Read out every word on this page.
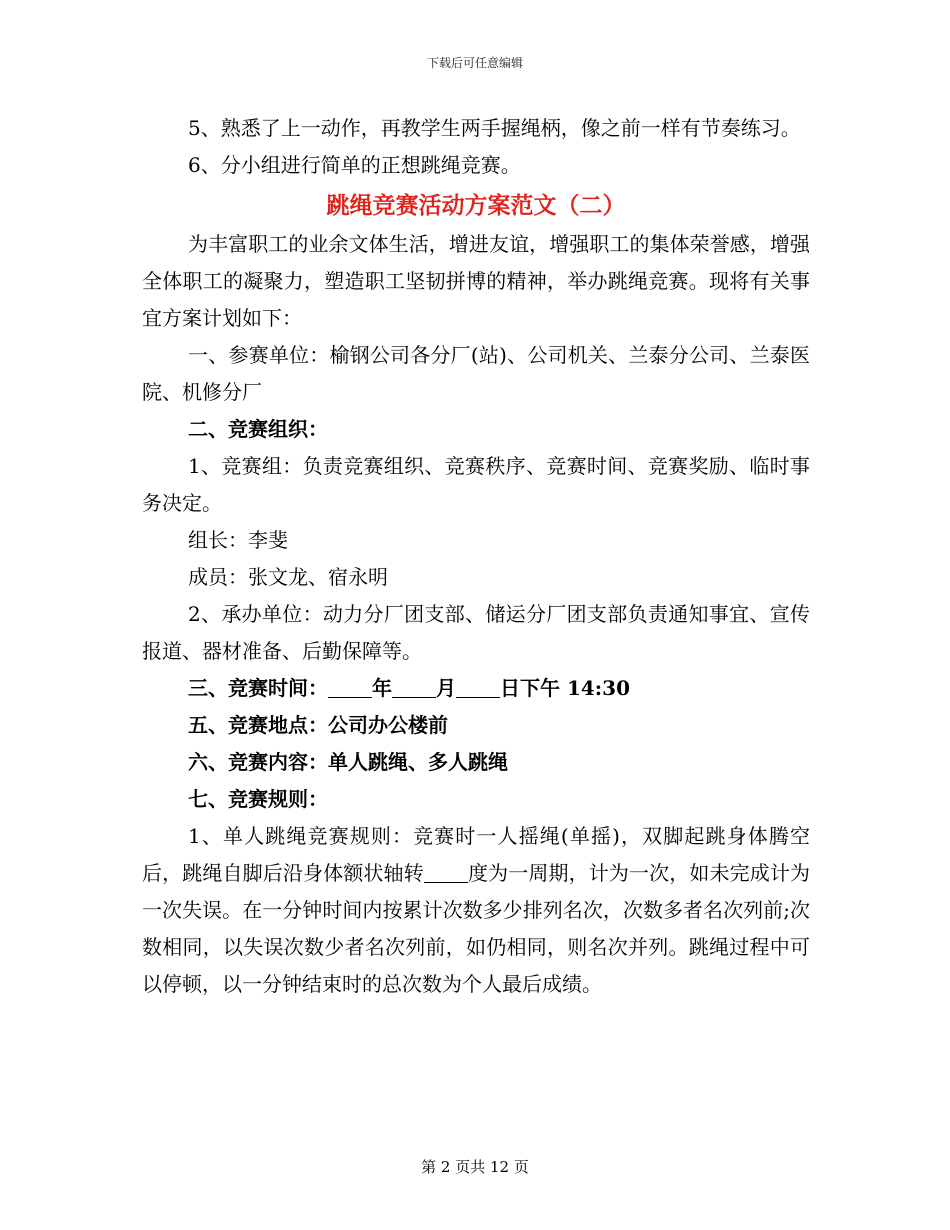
下载后可任意编辑

5、熟悉了上一动作，再教学生两手握绳柄，像之前一样有节奏练习。

6、分小组进行简单的正想跳绳竞赛。

跳绳竞赛活动方案范文（二）

为丰富职工的业余文体生活，增进友谊，增强职工的集体荣誉感，增强全体职工的凝聚力，塑造职工坚韧拼博的精神，举办跳绳竞赛。现将有关事宜方案计划如下：

一、参赛单位：榆钢公司各分厂(站)、公司机关、兰泰分公司、兰泰医院、机修分厂

二、竞赛组织：

1、竞赛组：负责竞赛组织、竞赛秩序、竞赛时间、竞赛奖励、临时事务决定。

组长：李斐

成员：张文龙、宿永明

2、承办单位：动力分厂团支部、储运分厂团支部负责通知事宜、宣传报道、器材准备、后勤保障等。

三、竞赛时间： 年 月 日下午 14:30

五、竞赛地点：公司办公楼前

六、竞赛内容：单人跳绳、多人跳绳

七、竞赛规则：

1、单人跳绳竞赛规则：竞赛时一人摇绳(单摇)，双脚起跳身体腾空后，跳绳自脚后沿身体额状轴转 度为一周期，计为一次，如未完成计为一次失误。在一分钟时间内按累计次数多少排列名次，次数多者名次列前;次数相同，以失误次数少者名次列前，如仍相同，则名次并列。跳绳过程中可以停顿，以一分钟结束时的总次数为个人最后成绩。

第 2 页共 12 页
